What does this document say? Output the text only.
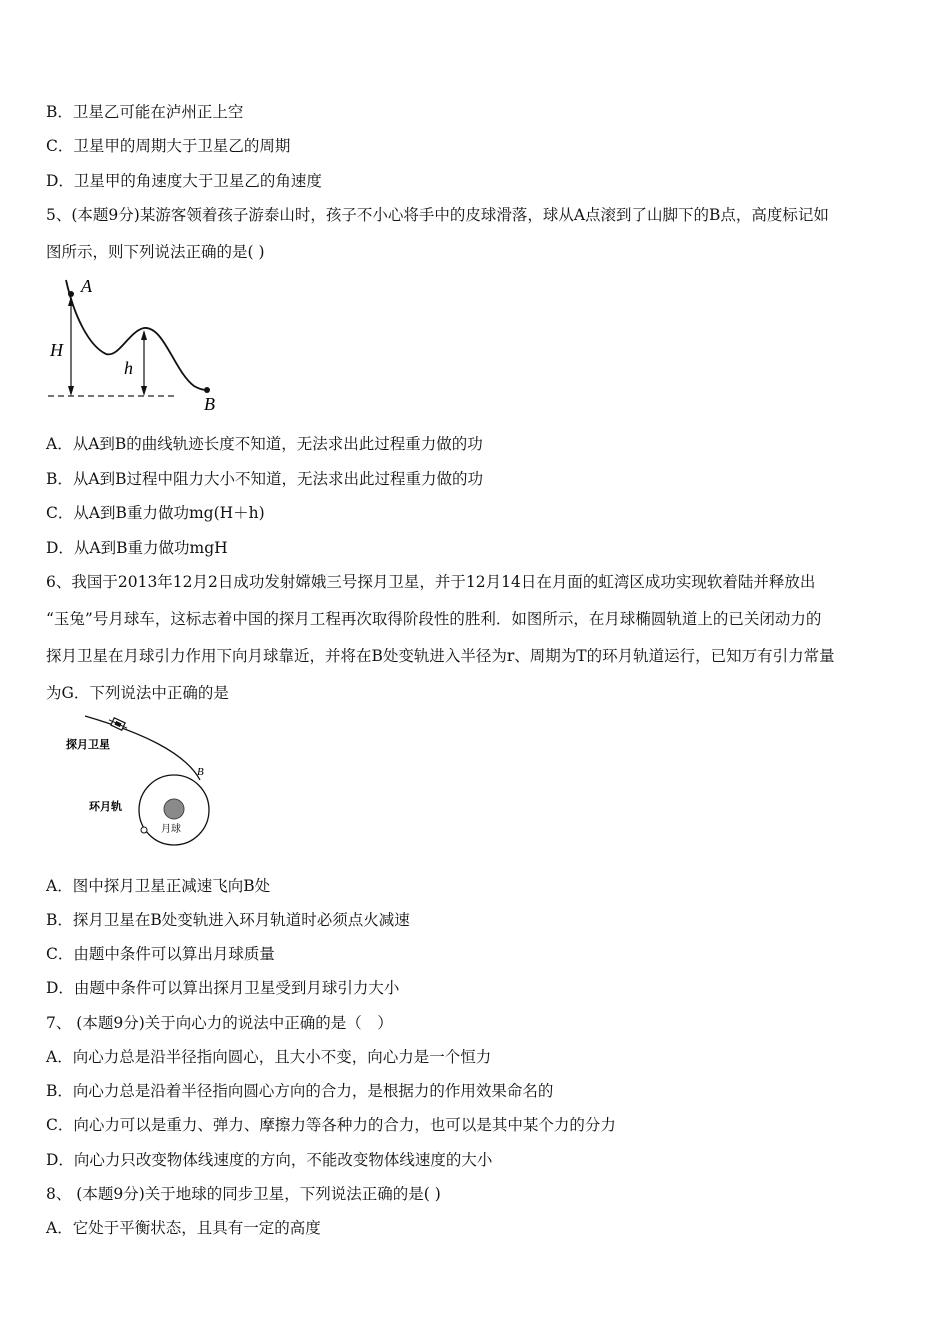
B．卫星乙可能在泸州正上空
C．卫星甲的周期大于卫星乙的周期
D．卫星甲的角速度大于卫星乙的角速度
5、(本题9分)某游客领着孩子游泰山时，孩子不小心将手中的皮球滑落，球从A点滚到了山脚下的B点，高度标记如
图所示，则下列说法正确的是( )
A
H
h
B
A．从A到B的曲线轨迹长度不知道，无法求出此过程重力做的功
B．从A到B过程中阻力大小不知道，无法求出此过程重力做的功
C．从A到B重力做功mg(H＋h)
D．从A到B重力做功mgH
6、我国于2013年12月2日成功发射嫦娥三号探月卫星，并于12月14日在月面的虹湾区成功实现软着陆并释放出
“玉兔”号月球车，这标志着中国的探月工程再次取得阶段性的胜利．如图所示，在月球椭圆轨道上的已关闭动力的
探月卫星在月球引力作用下向月球靠近，并将在B处变轨进入半径为r、周期为T的环月轨道运行，已知万有引力常量
为G．下列说法中正确的是
探月卫星
月球
B
环月轨
A．图中探月卫星正减速飞向B处
B．探月卫星在B处变轨进入环月轨道时必须点火减速
C．由题中条件可以算出月球质量
D．由题中条件可以算出探月卫星受到月球引力大小
7、 (本题9分)关于向心力的说法中正确的是（　）
A．向心力总是沿半径指向圆心，且大小不变，向心力是一个恒力
B．向心力总是沿着半径指向圆心方向的合力，是根据力的作用效果命名的
C．向心力可以是重力、弹力、摩擦力等各种力的合力，也可以是其中某个力的分力
D．向心力只改变物体线速度的方向，不能改变物体线速度的大小
8、 (本题9分)关于地球的同步卫星，下列说法正确的是( )
A．它处于平衡状态，且具有一定的高度
